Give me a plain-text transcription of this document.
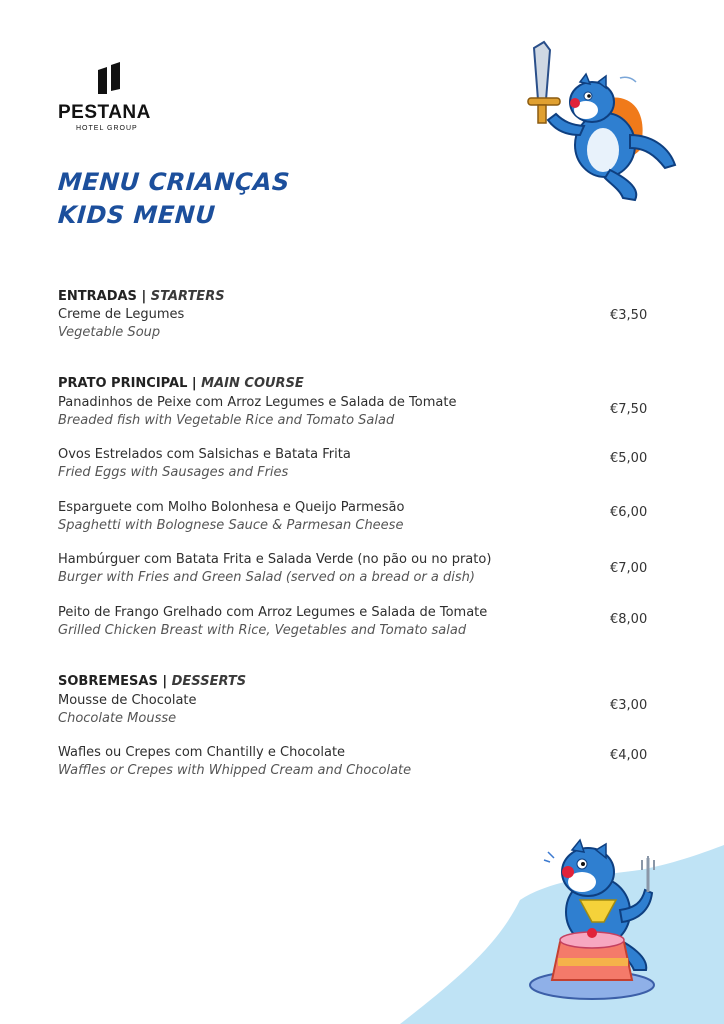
PESTANA
HOTEL GROUP
MENU CRIANÇAS
KIDS MENU
ENTRADAS | STARTERS
Creme de Legumes
Vegetable Soup
€3,50
PRATO PRINCIPAL | MAIN COURSE
Panadinhos de Peixe com Arroz Legumes e Salada de Tomate
Breaded fish with Vegetable Rice and Tomato Salad
€7,50
Ovos Estrelados com Salsichas e Batata Frita
Fried Eggs with Sausages and Fries
€5,00
Esparguete com Molho Bolonhesa e Queijo Parmesão
Spaghetti with Bolognese Sauce & Parmesan Cheese
€6,00
Hambúrguer com Batata Frita e Salada Verde (no pão ou no prato)
Burger with Fries and Green Salad (served on a bread or a dish)
€7,00
Peito de Frango Grelhado com Arroz Legumes e Salada de Tomate
Grilled Chicken Breast with Rice, Vegetables and Tomato salad
€8,00
SOBREMESAS | DESSERTS
Mousse de Chocolate
Chocolate Mousse
€3,00
Wafles ou Crepes com Chantilly e Chocolate
Waffles or Crepes with Whipped Cream and Chocolate
€4,00
